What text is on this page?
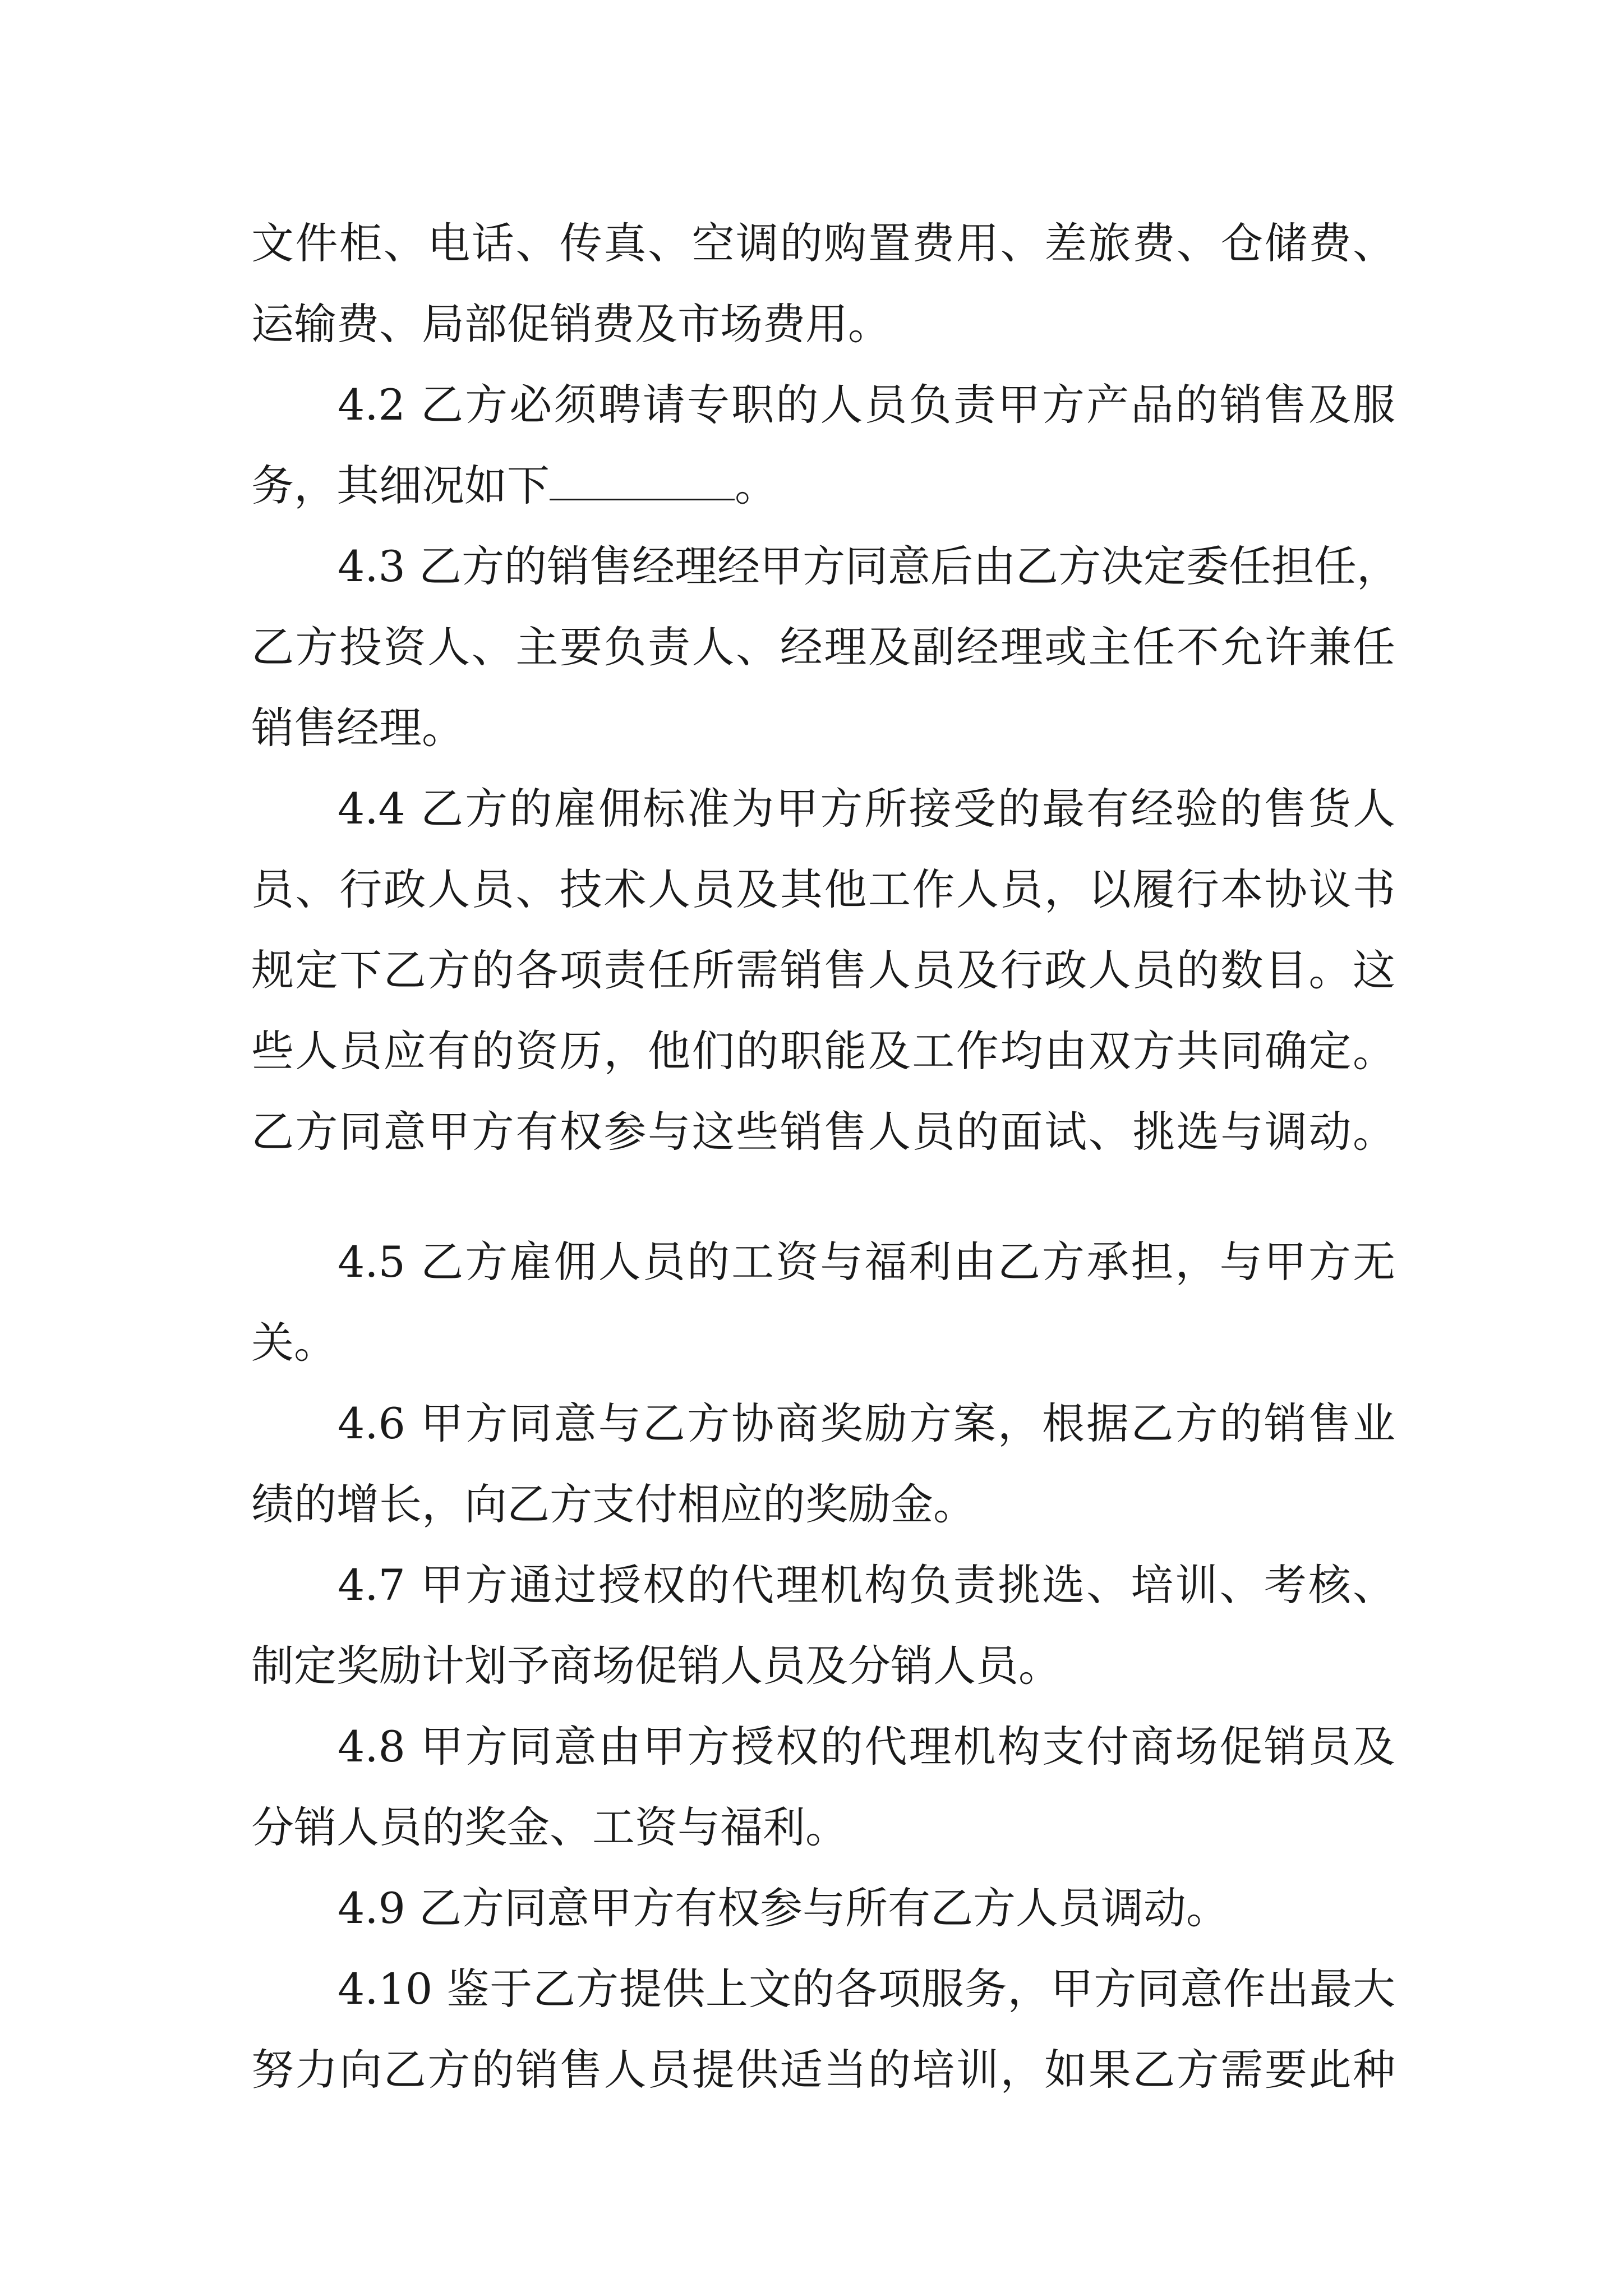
文件柜、电话、传真、空调的购置费用、差旅费、仓储费、
运输费、局部促销费及市场费用。
4.2 乙方必须聘请专职的人员负责甲方产品的销售及服
务，其细况如下	。
4.3 乙方的销售经理经甲方同意后由乙方决定委任担任，
乙方投资人、主要负责人、经理及副经理或主任不允许兼任
销售经理。
4.4 乙方的雇佣标准为甲方所接受的最有经验的售货人
员、行政人员、技术人员及其他工作人员，以履行本协议书
规定下乙方的各项责任所需销售人员及行政人员的数目。这
些人员应有的资历，他们的职能及工作均由双方共同确定。
乙方同意甲方有权参与这些销售人员的面试、挑选与调动。
4.5 乙方雇佣人员的工资与福利由乙方承担，与甲方无
关。
4.6 甲方同意与乙方协商奖励方案，根据乙方的销售业
绩的增长，向乙方支付相应的奖励金。
4.7 甲方通过授权的代理机构负责挑选、培训、考核、
制定奖励计划予商场促销人员及分销人员。
4.8 甲方同意由甲方授权的代理机构支付商场促销员及
分销人员的奖金、工资与福利。
4.9 乙方同意甲方有权参与所有乙方人员调动。
4.10 鉴于乙方提供上文的各项服务，甲方同意作出最大
努力向乙方的销售人员提供适当的培训，如果乙方需要此种
